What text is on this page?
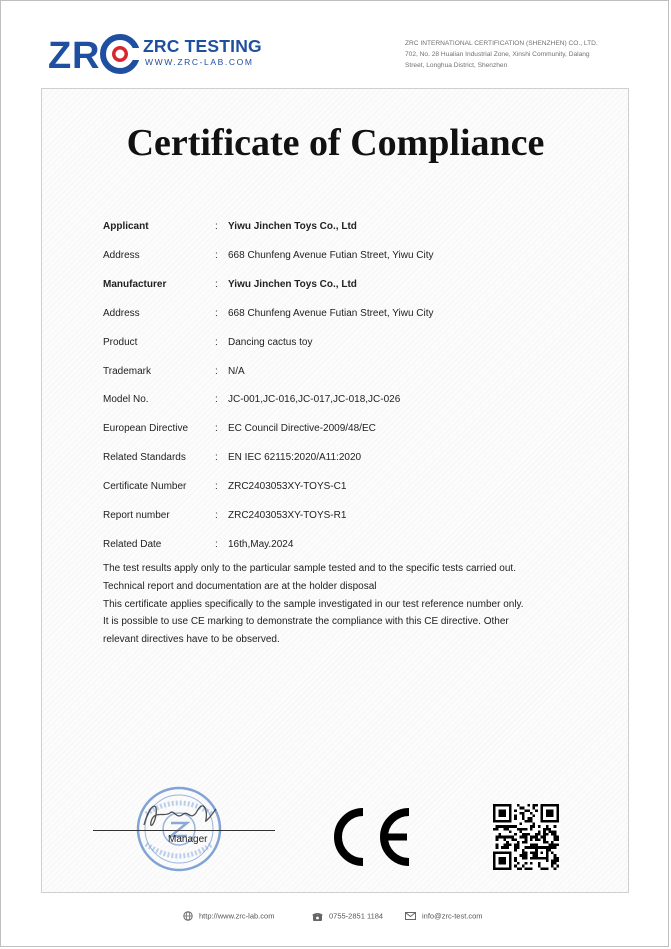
Z R ZRC TESTING
WWW.ZRC-LAB.COM
ZRC INTERNATIONAL CERTIFICATION (SHENZHEN) CO., LTD.
702, No. 28 Hualian Industrial Zone, Xinshi Community, Dalang
Street, Longhua District, Shenzhen
Certificate of Compliance
Applicant	: Yiwu Jinchen Toys Co., Ltd
Address	: 668 Chunfeng Avenue Futian Street, Yiwu City
Manufacturer	: Yiwu Jinchen Toys Co., Ltd
Address	: 668 Chunfeng Avenue Futian Street, Yiwu City
Product	: Dancing cactus toy
Trademark	: N/A
Model No.	: JC-001,JC-016,JC-017,JC-018,JC-026
European Directive	: EC Council Directive-2009/48/EC
Related Standards	: EN IEC 62115:2020/A11:2020
Certificate Number	: ZRC2403053XY-TOYS-C1
Report number	: ZRC2403053XY-TOYS-R1
Related Date	: 16th,May.2024
The test results apply only to the particular sample tested and to the specific tests carried out.
Technical report and documentation are at the holder disposal
This certificate applies specifically to the sample investigated in our test reference number only.
It is possible to use CE marking to demonstrate the compliance with this CE directive. Other
relevant directives have to be observed.
Manager
http://www.zrc-lab.com	0755-2851 1184	info@zrc-test.com
